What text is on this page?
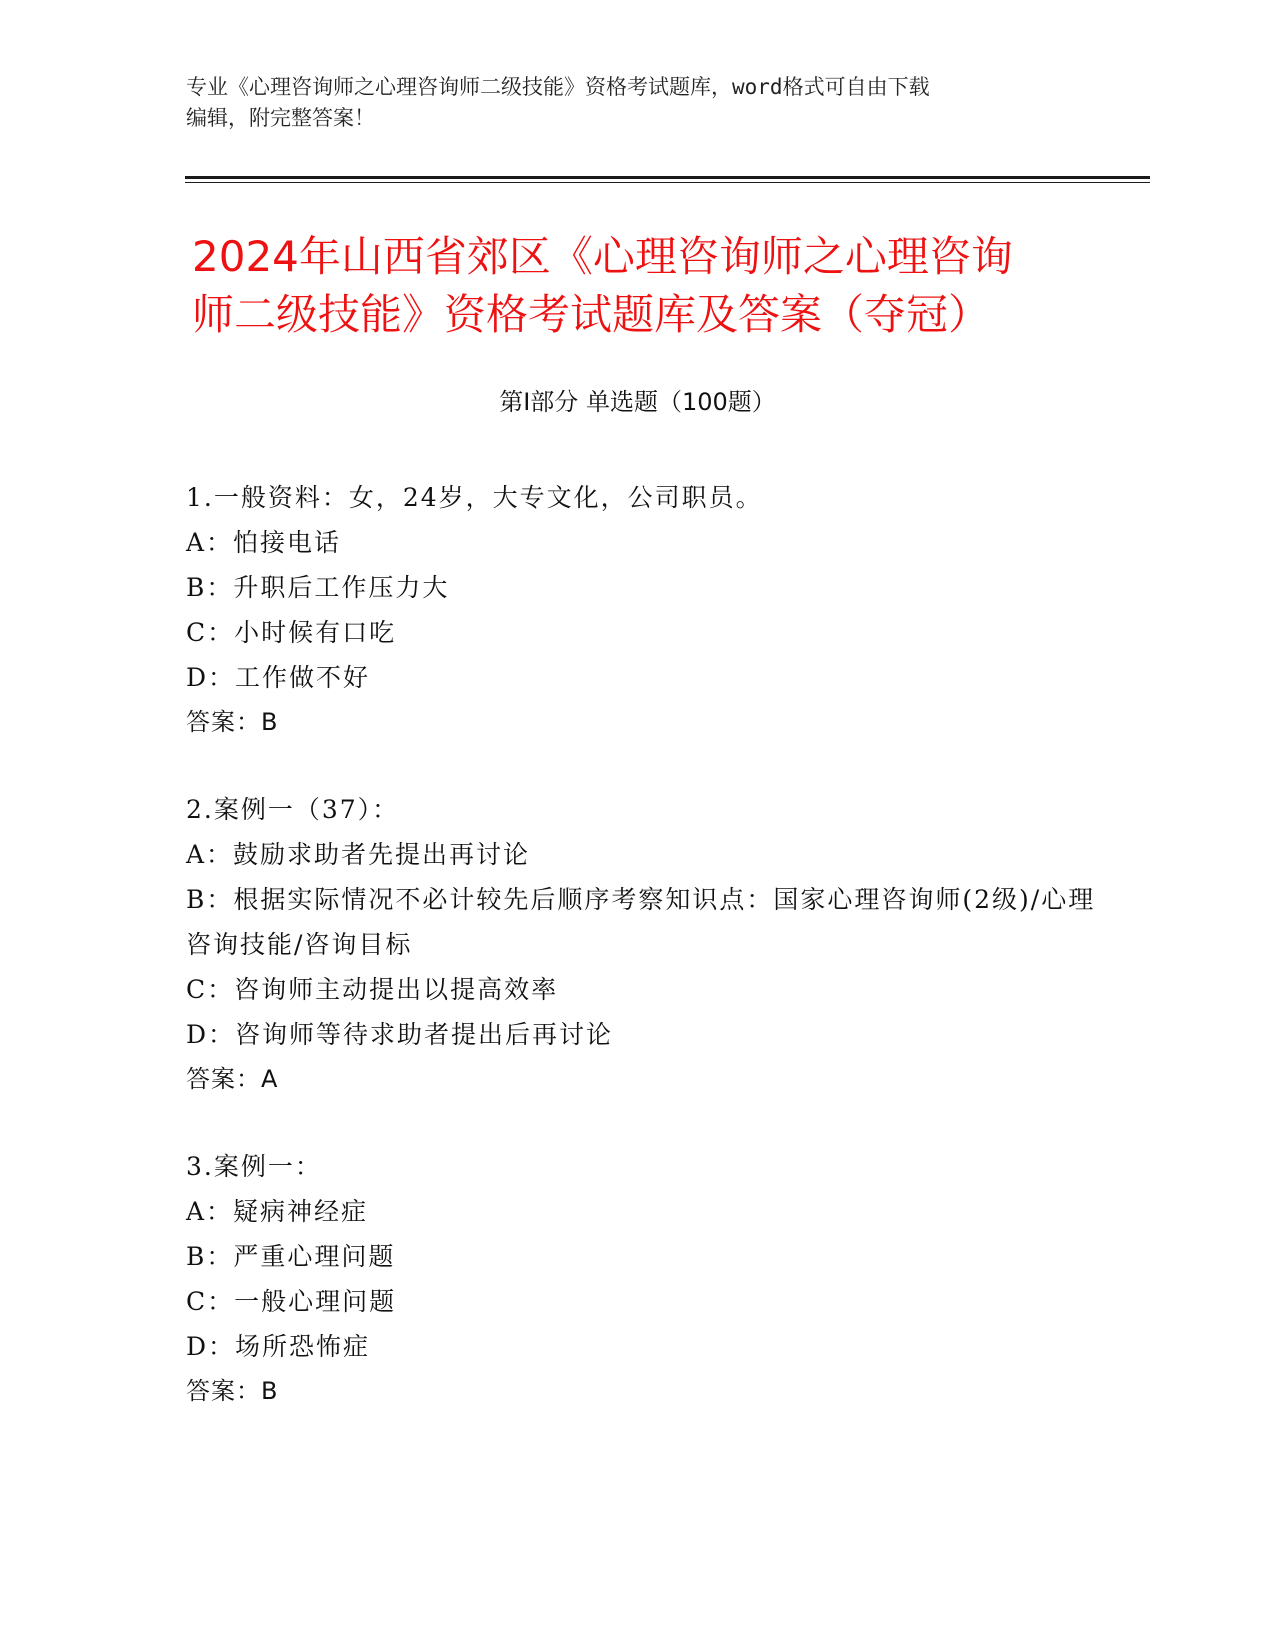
专业《心理咨询师之心理咨询师二级技能》资格考试题库，word格式可自由下载
编辑，附完整答案！
2024年山西省郊区《心理咨询师之心理咨询
师二级技能》资格考试题库及答案（夺冠）
第Ⅰ部分 单选题（100题）
1.一般资料：女，24岁，大专文化，公司职员。
A：怕接电话
B：升职后工作压力大
C：小时候有口吃
D：工作做不好
答案：B
2.案例一（37）：
A：鼓励求助者先提出再讨论
B：根据实际情况不必计较先后顺序考察知识点：国家心理咨询师(2级)/心理咨询技能/咨询目标
C：咨询师主动提出以提高效率
D：咨询师等待求助者提出后再讨论
答案：A
3.案例一：
A：疑病神经症
B：严重心理问题
C：一般心理问题
D：场所恐怖症
答案：B
